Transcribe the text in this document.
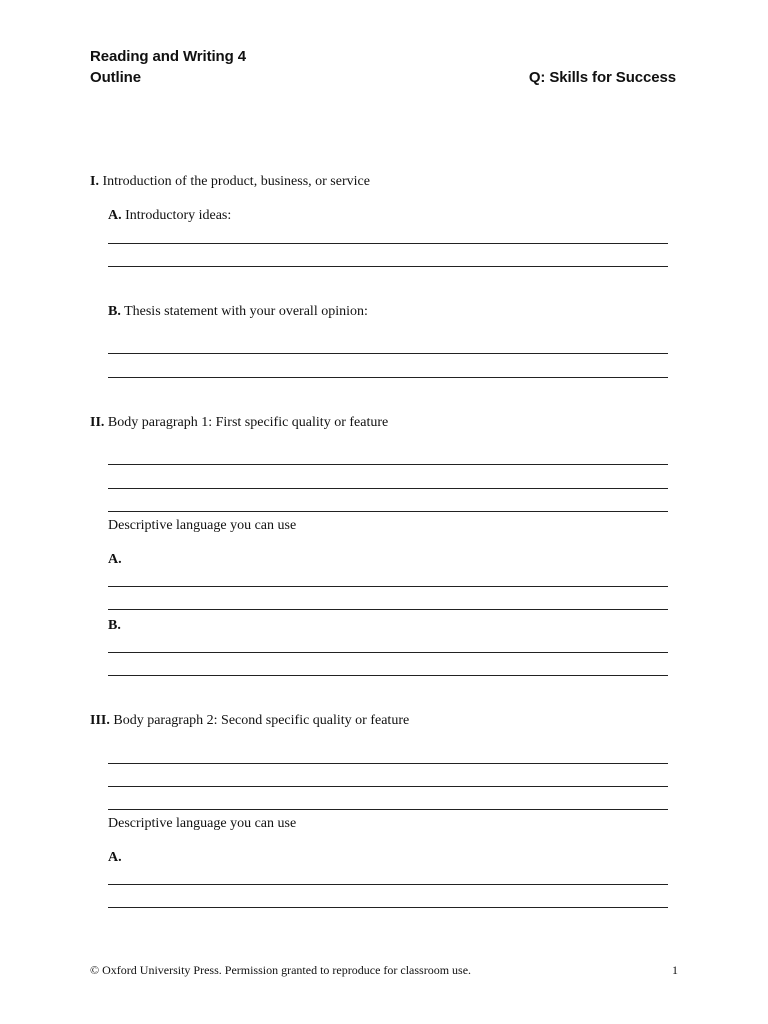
Reading and Writing 4
Outline	Q: Skills for Success
I. Introduction of the product, business, or service
A. Introductory ideas:
B. Thesis statement with your overall opinion:
II. Body paragraph 1: First specific quality or feature
Descriptive language you can use
A.
B.
III. Body paragraph 2: Second specific quality or feature
Descriptive language you can use
A.
© Oxford University Press. Permission granted to reproduce for classroom use.	1
